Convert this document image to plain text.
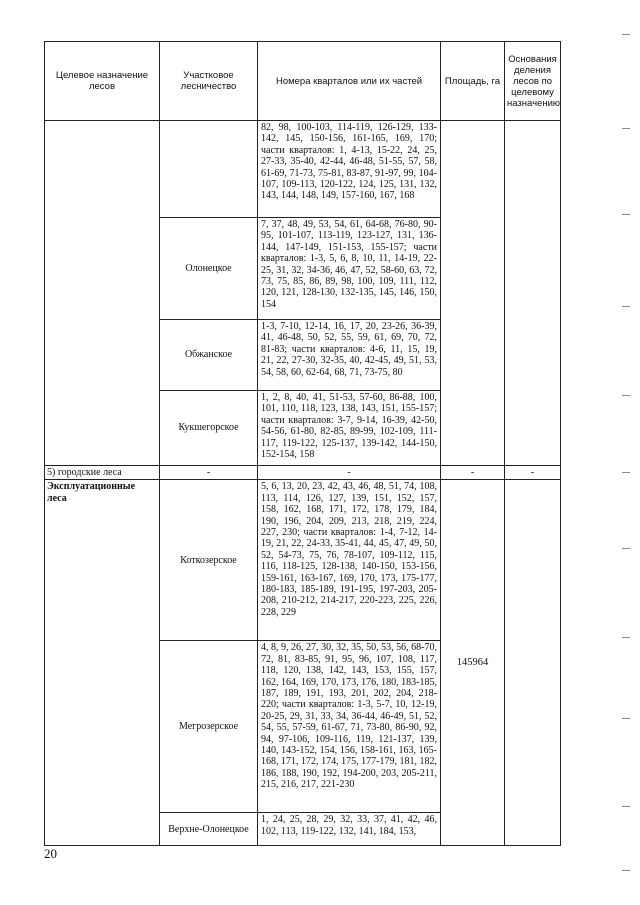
Целевое назначение лесов	Участковое лесничество	Номера кварталов или их частей	Площадь, га	Основания деления лесов по целевому назначению
		82, 98, 100-103, 114-119, 126-129, 133-142, 145, 150-156, 161-165, 169, 170; части кварталов: 1, 4-13, 15-22, 24, 25, 27-33, 35-40, 42-44, 46-48, 51-55, 57, 58, 61-69, 71-73, 75-81, 83-87, 91-97, 99, 104-107, 109-113, 120-122, 124, 125, 131, 132, 143, 144, 148, 149, 157-160, 167, 168		
	Олонецкое	7, 37, 48, 49, 53, 54, 61, 64-68, 76-80, 90-95, 101-107, 113-119, 123-127, 131, 136-144, 147-149, 151-153, 155-157; части кварталов: 1-3, 5, 6, 8, 10, 11, 14-19, 22-25, 31, 32, 34-36, 46, 47, 52, 58-60, 63, 72, 73, 75, 85, 86, 89, 98, 100, 109, 111, 112, 120, 121, 128-130, 132-135, 145, 146, 150, 154		
	Обжанское	1-3, 7-10, 12-14, 16, 17, 20, 23-26, 36-39, 41, 46-48, 50, 52, 55, 59, 61, 69, 70, 72, 81-83; части кварталов: 4-6, 11, 15, 19, 21, 22, 27-30, 32-35, 40, 42-45, 49, 51, 53, 54, 58, 60, 62-64, 68, 71, 73-75, 80		
	Кукшегорское	1, 2, 8, 40, 41, 51-53, 57-60, 86-88, 100, 101, 110, 118, 123, 138, 143, 151, 155-157; части кварталов: 3-7, 9-14, 16-39, 42-50, 54-56, 61-80, 82-85, 89-99, 102-109, 111-117, 119-122, 125-137, 139-142, 144-150, 152-154, 158		
5) городские леса	-	-	-	-
Эксплуатационные леса	Коткозерское	5, 6, 13, 20, 23, 42, 43, 46, 48, 51, 74, 108, 113, 114, 126, 127, 139, 151, 152, 157, 158, 162, 168, 171, 172, 178, 179, 184, 190, 196, 204, 209, 213, 218, 219, 224, 227, 230; части кварталов: 1-4, 7-12, 14-19, 21, 22, 24-33, 35-41, 44, 45, 47, 49, 50, 52, 54-73, 75, 76, 78-107, 109-112, 115, 116, 118-125, 128-138, 140-150, 153-156, 159-161, 163-167, 169, 170, 173, 175-177, 180-183, 185-189, 191-195, 197-203, 205-208, 210-212, 214-217, 220-223, 225, 226, 228, 229	145964	
	Мегрозерское	4, 8, 9, 26, 27, 30, 32, 35, 50, 53, 56, 68-70, 72, 81, 83-85, 91, 95, 96, 107, 108, 117, 118, 120, 138, 142, 143, 153, 155, 157, 162, 164, 169, 170, 173, 176, 180, 183-185, 187, 189, 191, 193, 201, 202, 204, 218-220; части кварталов: 1-3, 5-7, 10, 12-19, 20-25, 29, 31, 33, 34, 36-44, 46-49, 51, 52, 54, 55, 57-59, 61-67, 71, 73-80, 86-90, 92, 94, 97-106, 109-116, 119, 121-137, 139, 140, 143-152, 154, 156, 158-161, 163, 165-168, 171, 172, 174, 175, 177-179, 181, 182, 186, 188, 190, 192, 194-200, 203, 205-211, 215, 216, 217, 221-230		
	Верхне-Олонецкое	1, 24, 25, 28, 29, 32, 33, 37, 41, 42, 46, 102, 113, 119-122, 132, 141, 184, 153,		
20
